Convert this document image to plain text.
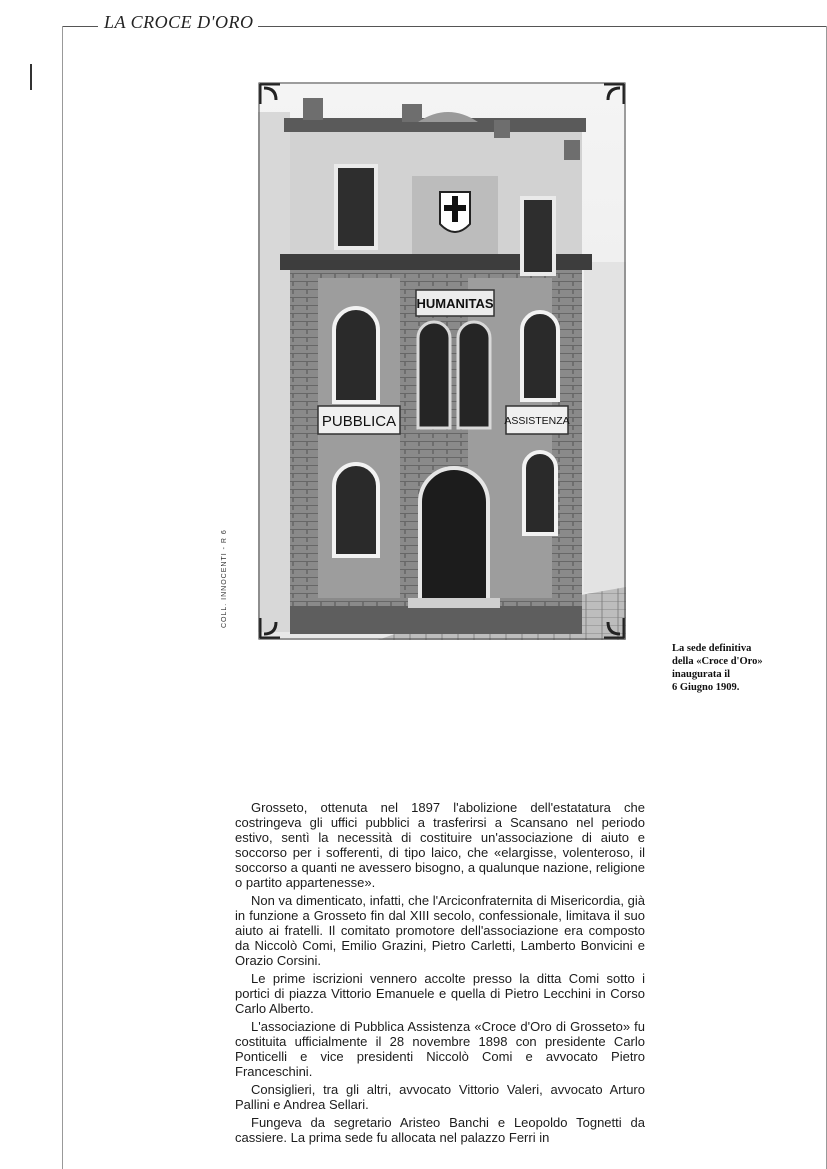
LA CROCE D'ORO
HUMANITAS
PUBBLICA	ASSISTENZA
COLL. INNOCENTI - R 6
La sede definitiva
della «Croce d'Oro»
inaugurata il
6 Giugno 1909.

Grosseto, ottenuta nel 1897 l'abolizione dell'estatatura che costringeva gli uffici pubblici a trasferirsi a Scansano nel periodo estivo, sentì la necessità di costituire un'associazione di aiuto e soccorso per i sofferenti, di tipo laico, che «elargisse, volenteroso, il soccorso a quanti ne avessero bisogno, a qualunque nazione, religione o partito appartenesse».

Non va dimenticato, infatti, che l'Arciconfraternita di Misericordia, già in funzione a Grosseto fin dal XIII secolo, confessionale, limitava il suo aiuto ai fratelli. Il comitato promotore dell'associazione era composto da Niccolò Comi, Emilio Grazini, Pietro Carletti, Lamberto Bonvicini e Orazio Corsini.

Le prime iscrizioni vennero accolte presso la ditta Comi sotto i portici di piazza Vittorio Emanuele e quella di Pietro Lecchini in Corso Carlo Alberto.

L'associazione di Pubblica Assistenza «Croce d'Oro di Grosseto» fu costituita ufficialmente il 28 novembre 1898 con presidente Carlo Ponticelli e vice presidenti Niccolò Comi e avvocato Pietro Franceschini.

Consiglieri, tra gli altri, avvocato Vittorio Valeri, avvocato Arturo Pallini e Andrea Sellari.

Fungeva da segretario Aristeo Banchi e Leopoldo Tognetti da cassiere. La prima sede fu allocata nel palazzo Ferri in
